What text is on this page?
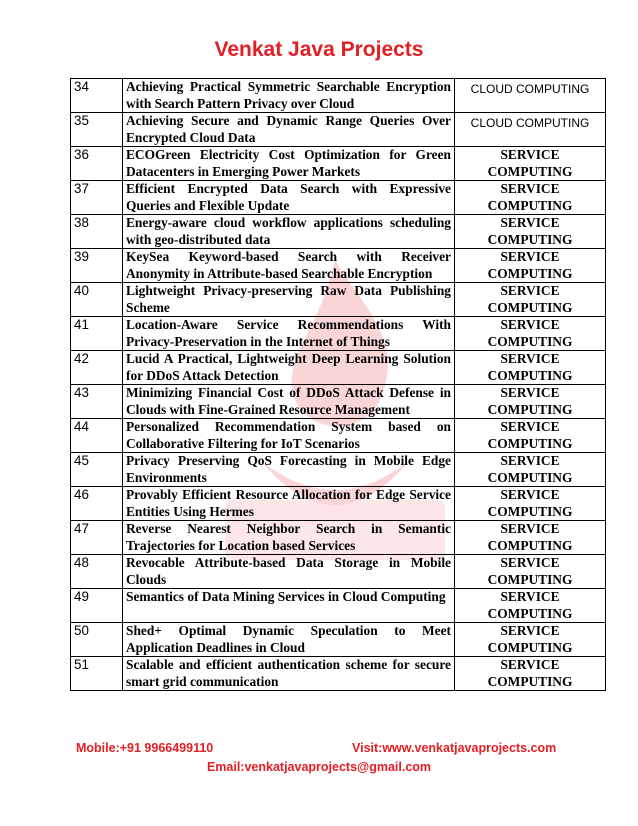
Venkat Java Projects
34	Achieving Practical Symmetric Searchable Encryption with Search Pattern Privacy over Cloud	CLOUD COMPUTING
35	Achieving Secure and Dynamic Range Queries Over Encrypted Cloud Data	CLOUD COMPUTING
36	ECOGreen Electricity Cost Optimization for Green Datacenters in Emerging Power Markets	SERVICE COMPUTING
37	Efficient Encrypted Data Search with Expressive Queries and Flexible Update	SERVICE COMPUTING
38	Energy-aware cloud workflow applications scheduling with geo-distributed data	SERVICE COMPUTING
39	KeySea Keyword-based Search with Receiver Anonymity in Attribute-based Searchable Encryption	SERVICE COMPUTING
40	Lightweight Privacy-preserving Raw Data Publishing Scheme	SERVICE COMPUTING
41	Location-Aware Service Recommendations With Privacy-Preservation in the Internet of Things	SERVICE COMPUTING
42	Lucid A Practical, Lightweight Deep Learning Solution for DDoS Attack Detection	SERVICE COMPUTING
43	Minimizing Financial Cost of DDoS Attack Defense in Clouds with Fine-Grained Resource Management	SERVICE COMPUTING
44	Personalized Recommendation System based on Collaborative Filtering for IoT Scenarios	SERVICE COMPUTING
45	Privacy Preserving QoS Forecasting in Mobile Edge Environments	SERVICE COMPUTING
46	Provably Efficient Resource Allocation for Edge Service Entities Using Hermes	SERVICE COMPUTING
47	Reverse Nearest Neighbor Search in Semantic Trajectories for Location based Services	SERVICE COMPUTING
48	Revocable Attribute-based Data Storage in Mobile Clouds	SERVICE COMPUTING
49	Semantics of Data Mining Services in Cloud Computing	SERVICE COMPUTING
50	Shed+ Optimal Dynamic Speculation to Meet Application Deadlines in Cloud	SERVICE COMPUTING
51	Scalable and efficient authentication scheme for secure smart grid communication	SERVICE COMPUTING
Mobile:+91 9966499110	Visit:www.venkatjavaprojects.com
Email:venkatjavaprojects@gmail.com
